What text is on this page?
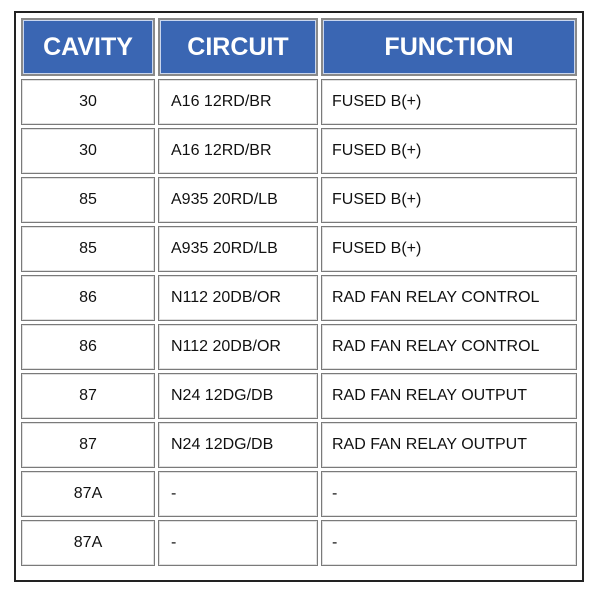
CAVITY	CIRCUIT	FUNCTION
30	A16 12RD/BR	FUSED B(+)
30	A16 12RD/BR	FUSED B(+)
85	A935 20RD/LB	FUSED B(+)
85	A935 20RD/LB	FUSED B(+)
86	N112 20DB/OR	RAD FAN RELAY CONTROL
86	N112 20DB/OR	RAD FAN RELAY CONTROL
87	N24 12DG/DB	RAD FAN RELAY OUTPUT
87	N24 12DG/DB	RAD FAN RELAY OUTPUT
87A	-	-
87A	-	-
